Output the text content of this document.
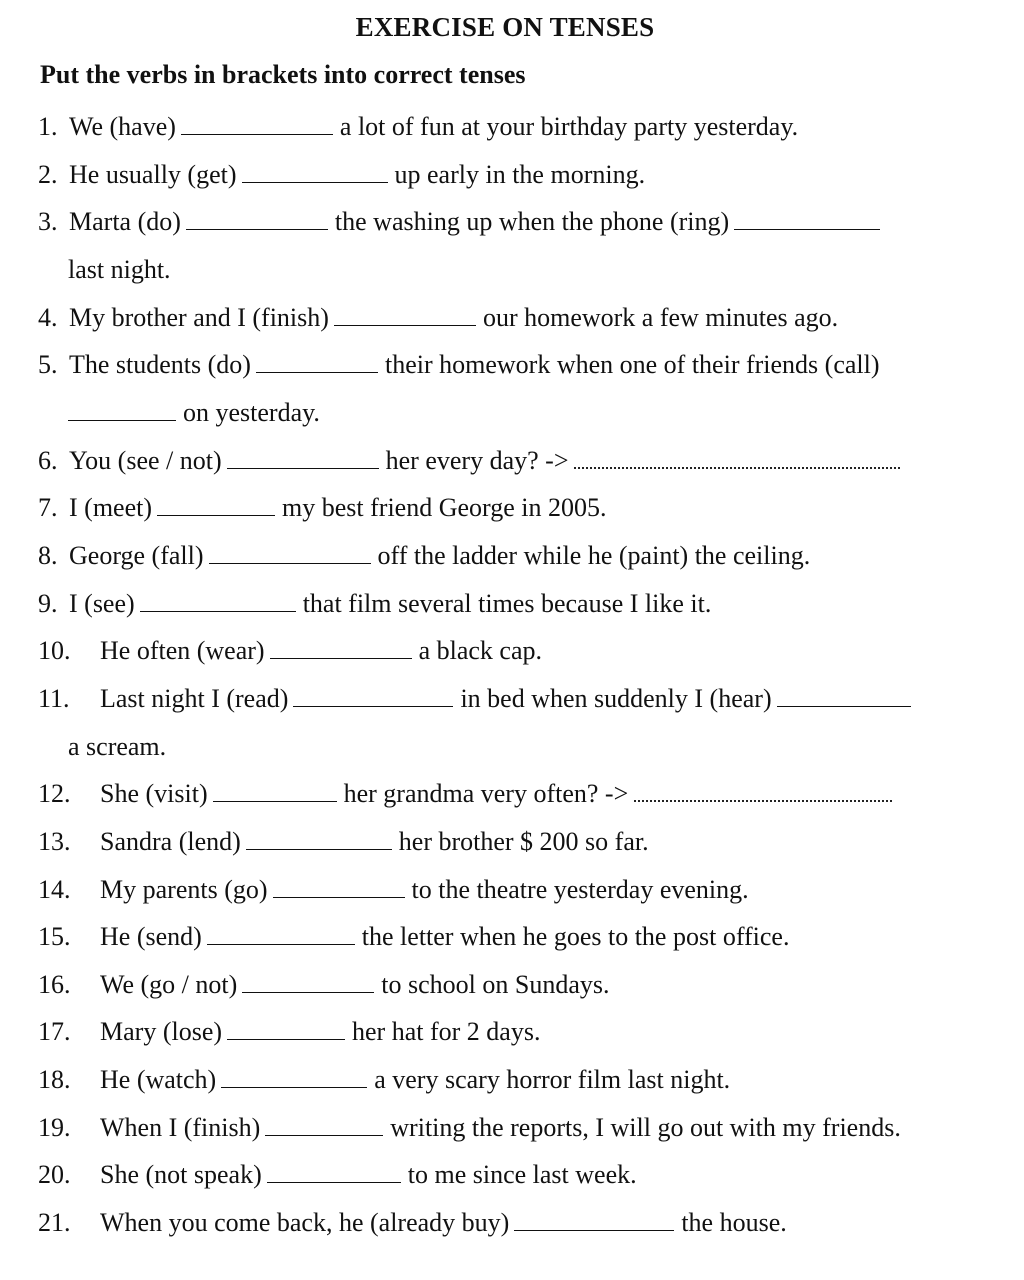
EXERCISE ON TENSES
Put the verbs in brackets into correct tenses
1. We (have)	a lot of fun at your birthday party yesterday.
2. He usually (get)	up early in the morning.
3. Marta (do)	the washing up when the phone (ring)
last night.
4. My brother and I (finish)	our homework a few minutes ago.
5. The students (do)	their homework when one of their friends (call)
on yesterday.
6. You (see / not)	her every day? ->
7. I (meet)	my best friend George in 2005.
8. George (fall)	off the ladder while he (paint) the ceiling.
9. I (see)	that film several times because I like it.
10. He often (wear)	a black cap.
11. Last night I (read)	in bed when suddenly I (hear)
a scream.
12. She (visit)	her grandma very often? ->
13. Sandra (lend)	her brother $ 200 so far.
14. My parents (go)	to the theatre yesterday evening.
15. He (send)	the letter when he goes to the post office.
16. We (go / not)	to school on Sundays.
17. Mary (lose)	her hat for 2 days.
18. He (watch)	a very scary horror film last night.
19. When I (finish)	writing the reports, I will go out with my friends.
20. She (not speak)	to me since last week.
21. When you come back, he (already buy)	the house.
